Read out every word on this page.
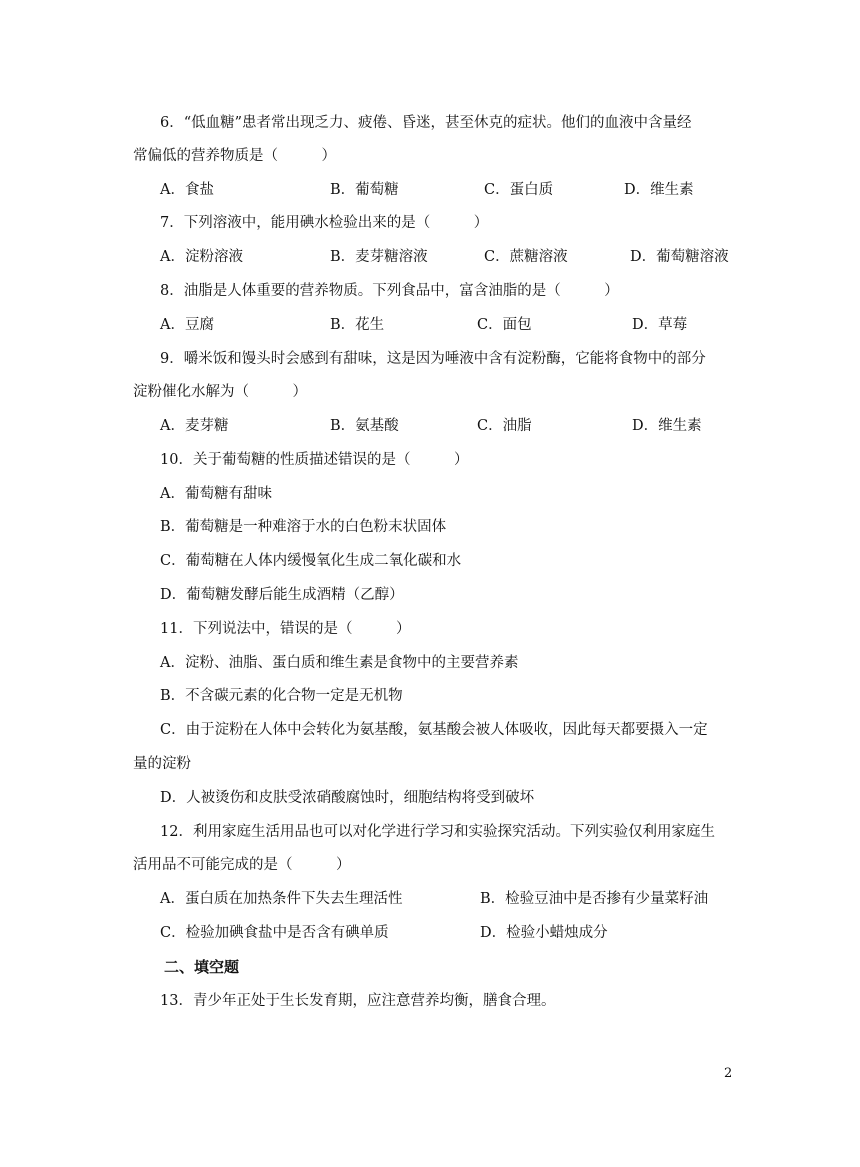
6．“低血糖”患者常出现乏力、疲倦、昏迷，甚至休克的症状。他们的血液中含量经
常偏低的营养物质是（　　　）
A．食盐	B．葡萄糖	C．蛋白质	D．维生素
7．下列溶液中，能用碘水检验出来的是（　　　）
A．淀粉溶液	B．麦芽糖溶液	C．蔗糖溶液	D．葡萄糖溶液
8．油脂是人体重要的营养物质。下列食品中，富含油脂的是（　　　）
A．豆腐	B．花生	C．面包	D．草莓
9．嚼米饭和馒头时会感到有甜味，这是因为唾液中含有淀粉酶，它能将食物中的部分
淀粉催化水解为（　　　）
A．麦芽糖	B．氨基酸	C．油脂	D．维生素
10．关于葡萄糖的性质描述错误的是（　　　）
A．葡萄糖有甜味
B．葡萄糖是一种难溶于水的白色粉末状固体
C．葡萄糖在人体内缓慢氧化生成二氧化碳和水
D．葡萄糖发酵后能生成酒精（乙醇）
11．下列说法中，错误的是（　　　）
A．淀粉、油脂、蛋白质和维生素是食物中的主要营养素
B．不含碳元素的化合物一定是无机物
C．由于淀粉在人体中会转化为氨基酸，氨基酸会被人体吸收，因此每天都要摄入一定
量的淀粉
D．人被烫伤和皮肤受浓硝酸腐蚀时，细胞结构将受到破坏
12．利用家庭生活用品也可以对化学进行学习和实验探究活动。下列实验仅利用家庭生
活用品不可能完成的是（　　　）
A．蛋白质在加热条件下失去生理活性	B．检验豆油中是否掺有少量菜籽油
C．检验加碘食盐中是否含有碘单质	D．检验小蜡烛成分
二、填空题
13．青少年正处于生长发育期，应注意营养均衡，膳食合理。
2
